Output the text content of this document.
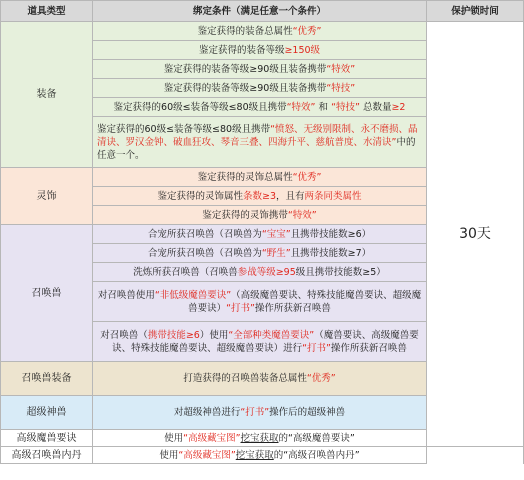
道具类型	绑定条件（满足任意一个条件）	保护锁时间	
装备	鉴定获得的装备总属性“优秀”	30天	
	鉴定获得的装备等级≥150级		
	鉴定获得的装备等级≥90级且装备携带“特效”		
	鉴定获得的装备等级≥90级且装备携带“特技”		
	鉴定获得的60级≤装备等级≤80级且携带“特效” 和 “特技” 总数量≥2		
	鉴定获得的60级≤装备等级≤80级且携带“愤怒、无级别限制、永不磨损、晶清诀、罗汉金钟、破血狂攻、琴音三叠、四海升平、慈航普度、水清诀”中的任意一个。		
灵饰	鉴定获得的灵饰总属性“优秀”		
	鉴定获得的灵饰属性条数≥3，且有两条同类属性		
	鉴定获得的灵饰携带“特效”		
召唤兽	合宠所获召唤兽（召唤兽为“宝宝”且携带技能数≥6）		
	合宠所获召唤兽（召唤兽为“野生”且携带技能数≥7）		
	洗炼所获召唤兽（召唤兽参战等级≥95级且携带技能数≥5）		
	对召唤兽使用“非低级魔兽要诀”（高级魔兽要诀、特殊技能魔兽要诀、超级魔兽要诀）“打书”操作所获新召唤兽		
	对召唤兽（携带技能≥6）使用“全部种类魔兽要诀”（魔兽要诀、高级魔兽要诀、特殊技能魔兽要诀、超级魔兽要诀）进行“打书”操作所获新召唤兽		
召唤兽装备	打造获得的召唤兽装备总属性“优秀”		
超级神兽	对超级神兽进行“打书”操作后的超级神兽	
高级魔兽要诀	使用“高级藏宝图”挖宝获取的“高级魔兽要诀”	
高级召唤兽内丹	使用“高级藏宝图”挖宝获取的“高级召唤兽内丹”		
